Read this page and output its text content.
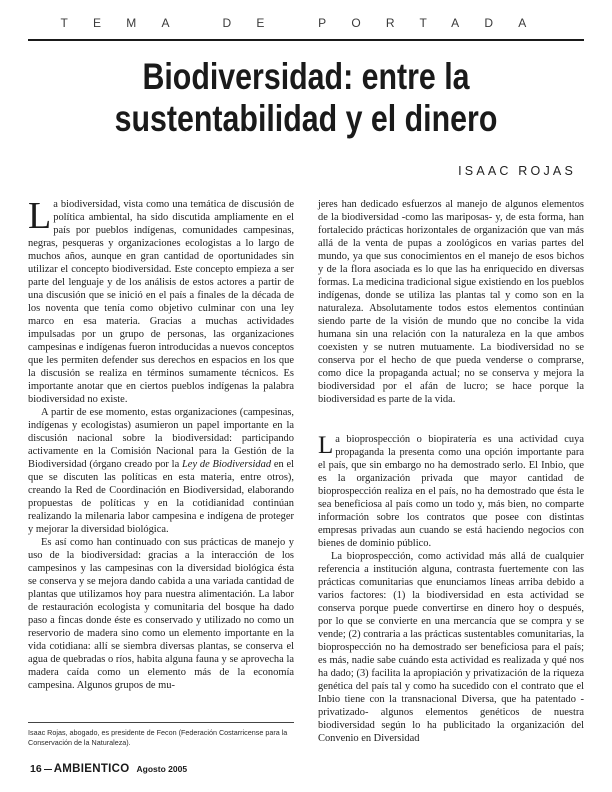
TEMA DE PORTADA
Biodiversidad: entre la
sustentabilidad y el dinero
ISAAC ROJAS

La biodiversidad, vista como una temática de discusión de política ambiental, ha sido discutida ampliamente en el país por pueblos indígenas, comunidades campesinas, negras, pesqueras y organizaciones ecologistas a lo largo de muchos años, aunque en gran cantidad de oportunidades sin utilizar el concepto biodiversidad. Este concepto empieza a ser parte del lenguaje y de los análisis de estos actores a partir de una discusión que se inició en el país a finales de la década de los noventa que tenía como objetivo culminar con una ley marco en esa materia. Gracias a muchas actividades impulsadas por un grupo de personas, las organizaciones campesinas e indígenas fueron introducidas a nuevos conceptos que les permiten defender sus derechos en espacios en los que la discusión se realiza en términos sumamente técnicos. Es importante anotar que en ciertos pueblos indígenas la palabra biodiversidad no existe.

A partir de ese momento, estas organizaciones (campesinas, indígenas y ecologistas) asumieron un papel importante en la discusión nacional sobre la biodiversidad: participando activamente en la Comisión Nacional para la Gestión de la Biodiversidad (órgano creado por la Ley de Biodiversidad en el que se discuten las políticas en esta materia, entre otros), creando la Red de Coordinación en Biodiversidad, elaborando propuestas de políticas y en la cotidianidad continúan realizando la milenaria labor campesina e indígena de proteger y mejorar la diversidad biológica.

Es así como han continuado con sus prácticas de manejo y uso de la biodiversidad: gracias a la interacción de los campesinos y las campesinas con la diversidad biológica ésta se conserva y se mejora dando cabida a una variada cantidad de plantas que utilizamos hoy para nuestra alimentación. La labor de restauración ecologista y comunitaria del bosque ha dado paso a fincas donde éste es conservado y utilizado no como un reservorio de madera sino como un elemento importante en la vida cotidiana: allí se siembra diversas plantas, se conserva el agua de quebradas o ríos, habita alguna fauna y se aprovecha la madera caída como un elemento más de la economía campesina. Algunos grupos de mu-

jeres han dedicado esfuerzos al manejo de algunos elementos de la biodiversidad -como las mariposas- y, de esta forma, han fortalecido prácticas horizontales de organización que van más allá de la venta de pupas a zoológicos en varias partes del mundo, ya que sus conocimientos en el manejo de esos bichos y de la flora asociada es lo que las ha enriquecido en diversas formas. La medicina tradicional sigue existiendo en los pueblos indígenas, donde se utiliza las plantas tal y como son en la naturaleza. Absolutamente todos estos elementos continúan siendo parte de la visión de mundo que no concibe la vida humana sin una relación con la naturaleza en la que ambos coexisten y se nutren mutuamente. La biodiversidad no se conserva por el hecho de que pueda venderse o comprarse, como dice la propaganda actual; no se conserva y mejora la biodiversidad por el afán de lucro; se hace porque la biodiversidad es parte de la vida.

La bioprospección o biopiratería es una actividad cuya propaganda la presenta como una opción importante para el país, que sin embargo no ha demostrado serlo. El Inbio, que es la organización privada que mayor cantidad de bioprospección realiza en el país, no ha demostrado que ésta le sea beneficiosa al país como un todo y, más bien, no comparte información sobre los contratos que posee con distintas empresas privadas aun cuando se está haciendo negocios con bienes de dominio público.

La bioprospección, como actividad más allá de cualquier referencia a institución alguna, contrasta fuertemente con las prácticas comunitarias que enunciamos líneas arriba debido a varios factores: (1) la biodiversidad en esta actividad se conserva porque puede convertirse en dinero hoy o después, por lo que se convierte en una mercancía que se compra y se vende; (2) contraria a las prácticas sustentables comunitarias, la bioprospección no ha demostrado ser beneficiosa para el país; es más, nadie sabe cuándo esta actividad es realizada y qué nos ha dado; (3) facilita la apropiación y privatización de la riqueza genética del país tal y como ha sucedido con el contrato que el Inbio tiene con la transnacional Diversa, que ha patentado -privatizado- algunos elementos genéticos de nuestra biodiversidad según lo ha publicitado la organización del Convenio en Diversidad

Isaac Rojas, abogado, es presidente de Fecon (Federación Costarricense para la Conservación de la Naturaleza).

16 AMBIENTICO Agosto 2005
